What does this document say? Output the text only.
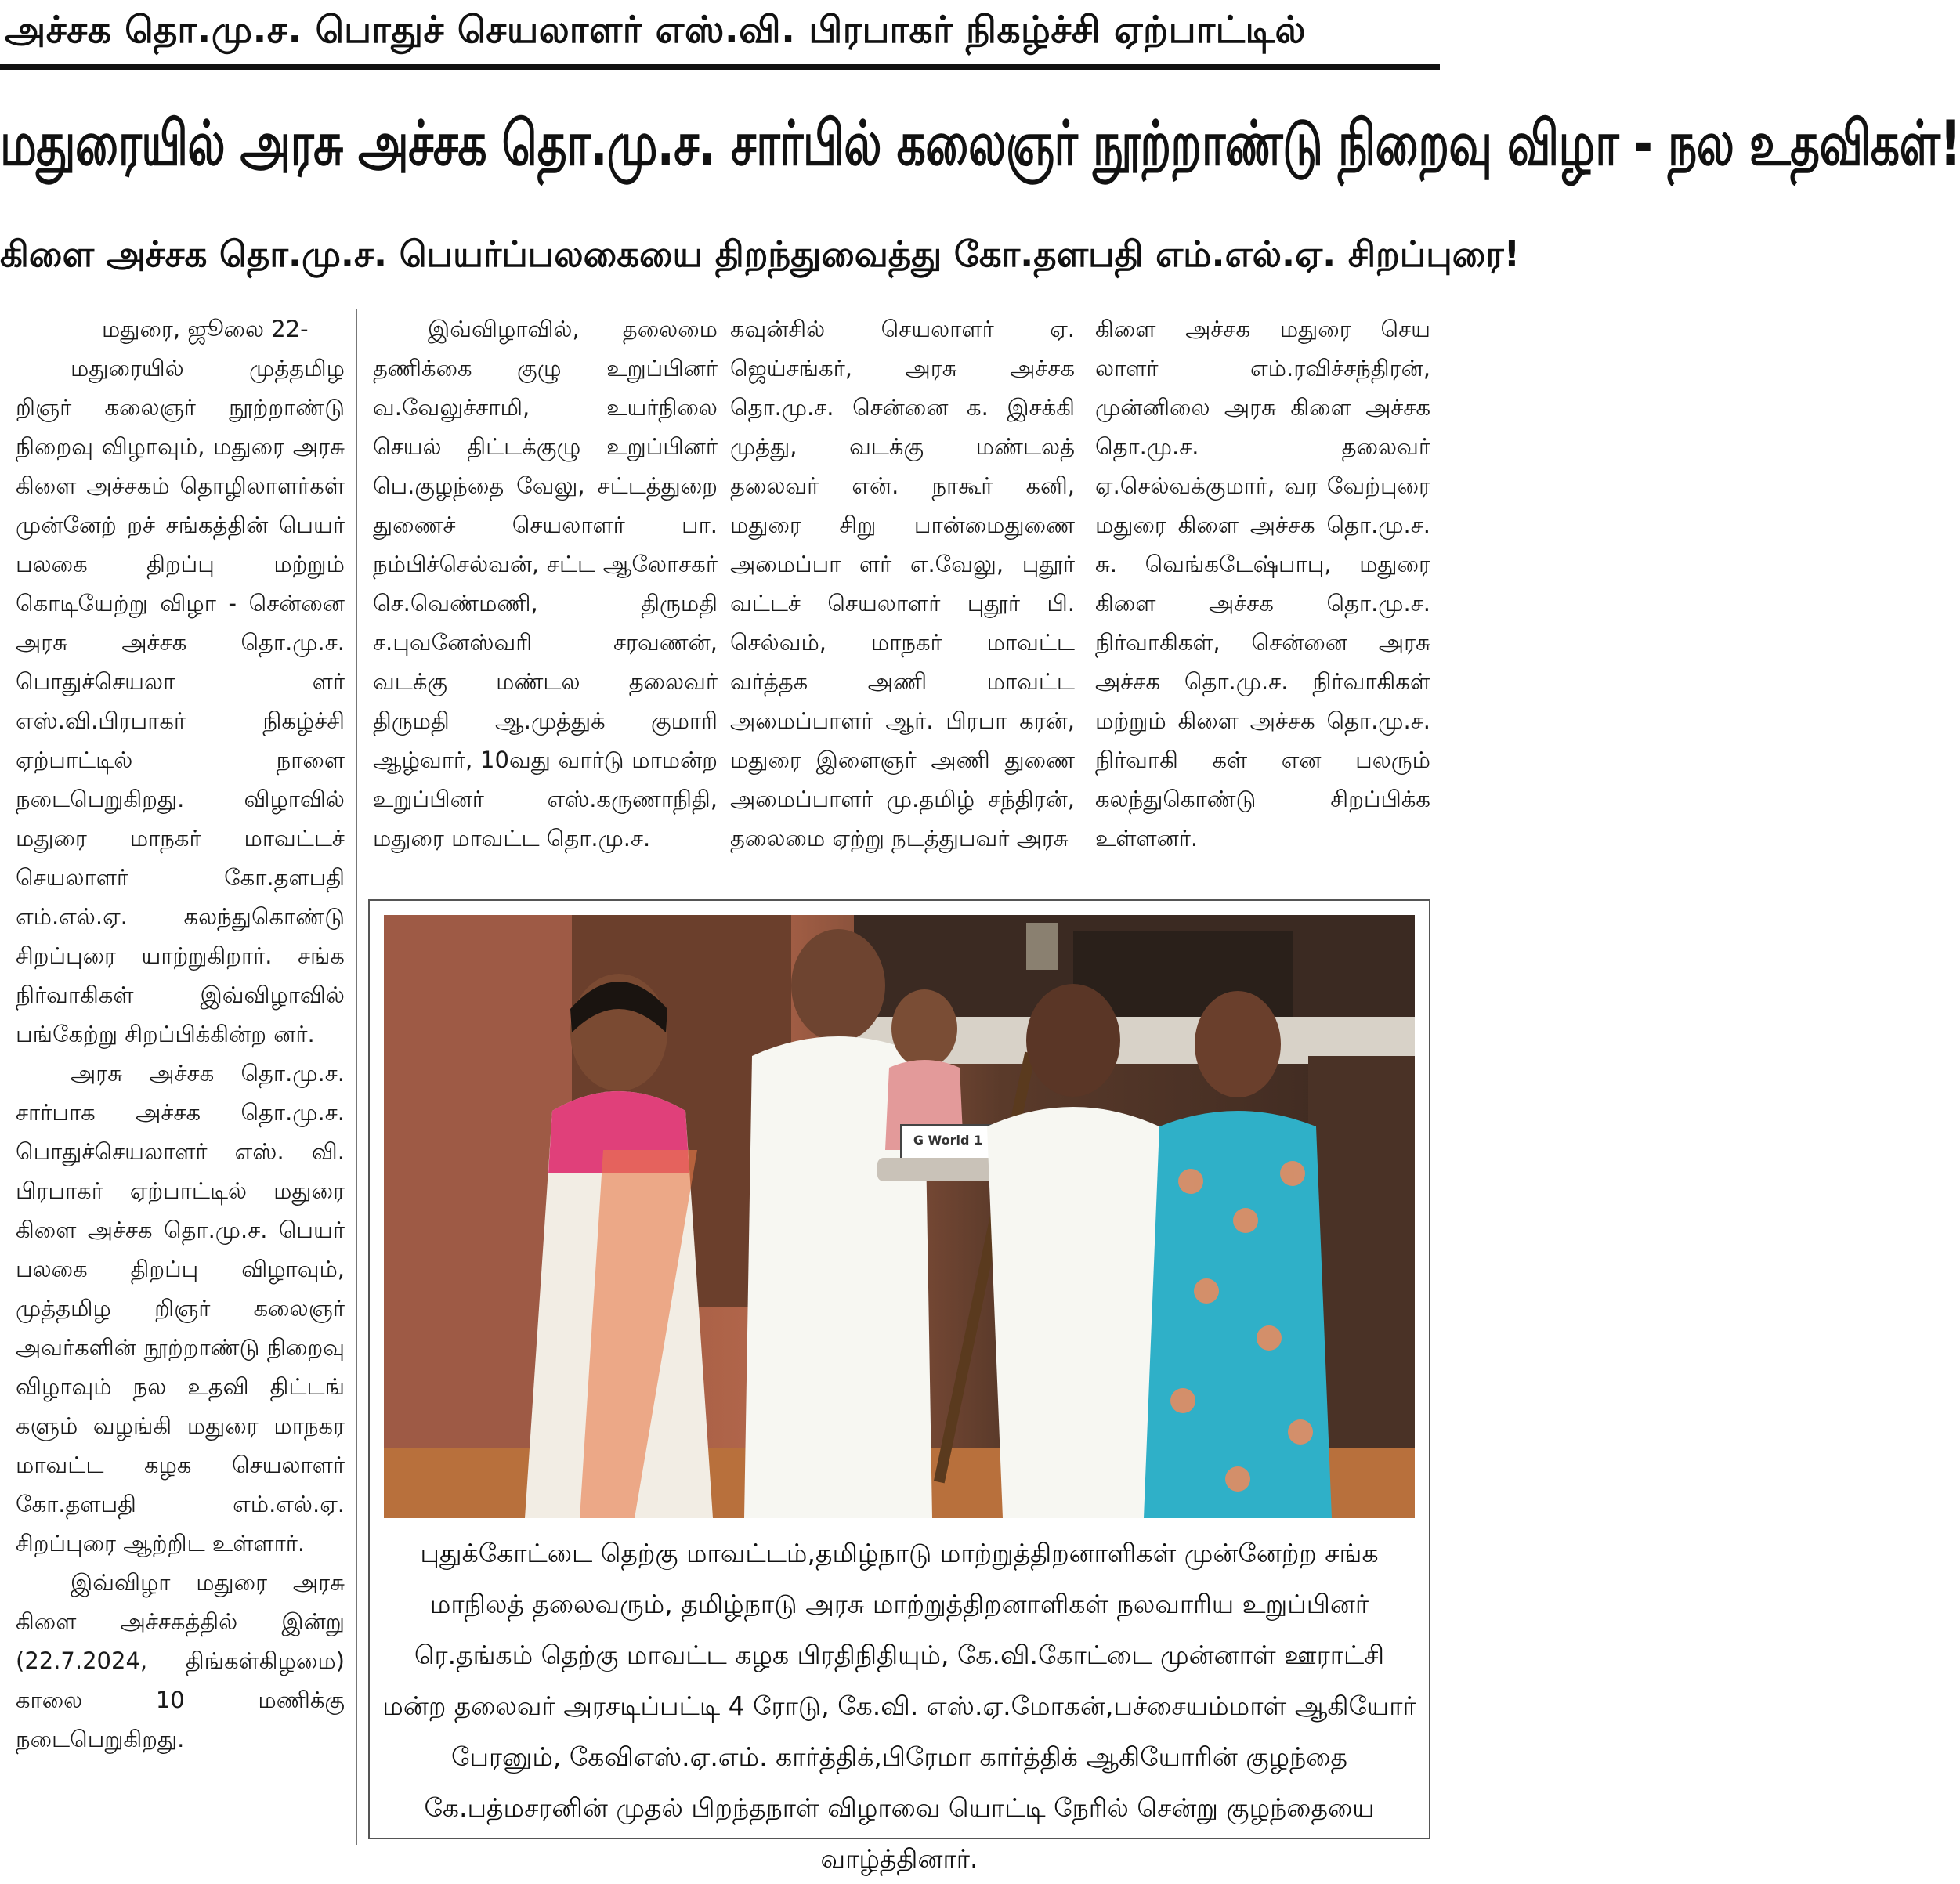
அச்சக தொ.மு.ச. பொதுச் செயலாளர் எஸ்.வி. பிரபாகர் நிகழ்ச்சி ஏற்பாட்டில்
மதுரையில் அரசு அச்சக தொ.மு.ச. சார்பில் கலைஞர் நூற்றாண்டு நிறைவு விழா - நல உதவிகள்!
கிளை அச்சக தொ.மு.ச. பெயர்ப்பலகையை திறந்துவைத்து கோ.தளபதி எம்.எல்.ஏ. சிறப்புரை!

மதுரை, ஜூலை 22-

மதுரையில் முத்தமிழ றிஞர் கலைஞர் நூற்றாண்டு நிறைவு விழாவும், மதுரை அரசு கிளை அச்சகம் தொழிலாளர்கள் முன்னேற் றச் சங்கத்தின் பெயர் பலகை திறப்பு மற்றும் கொடியேற்று விழா - சென்னை அரசு அச்சக தொ.மு.ச. பொதுச்செயலா ளர் எஸ்.வி.பிரபாகர் நிகழ்ச்சி ஏற்பாட்டில் நாளை நடைபெறுகிறது. விழாவில் மதுரை மாநகர் மாவட்டச் செயலாளர் கோ.தளபதி எம்.எல்.ஏ. கலந்துகொண்டு சிறப்புரை யாற்றுகிறார். சங்க நிர்வாகிகள் இவ்விழாவில் பங்கேற்று சிறப்பிக்கின்ற னர்.

அரசு அச்சக தொ.மு.ச. சார்பாக அச்சக தொ.மு.ச. பொதுச்செயலாளர் எஸ். வி. பிரபாகர் ஏற்பாட்டில் மதுரை கிளை அச்சக தொ.மு.ச. பெயர் பலகை திறப்பு விழாவும், முத்தமிழ றிஞர் கலைஞர் அவர்களின் நூற்றாண்டு நிறைவு விழாவும் நல உதவி திட்டங் களும் வழங்கி மதுரை மாநகர மாவட்ட கழக செயலாளர் கோ.தளபதி எம்.எல்.ஏ. சிறப்புரை ஆற்றிட உள்ளார்.

இவ்விழா மதுரை அரசு கிளை அச்சகத்தில் இன்று (22.7.2024, திங்கள்கிழமை) காலை 10 மணிக்கு நடைபெறுகிறது.

இவ்விழாவில், தலைமை தணிக்கை குழு உறுப்பினர் வ.வேலுச்சாமி, உயர்நிலை செயல் திட்டக்குழு உறுப்பினர் பெ.குழந்தை வேலு, சட்டத்துறை துணைச் செயலாளர் பா. நம்பிச்செல்வன், சட்ட ஆலோசகர் செ.வெண்மணி, திருமதி ச.புவனேஸ்வரி சரவணன், வடக்கு மண்டல தலைவர் திருமதி ஆ.முத்துக் குமாரி ஆழ்வார், 10வது வார்டு மாமன்ற உறுப்பினர் எஸ்.கருணாநிதி, மதுரை மாவட்ட தொ.மு.ச.

கவுன்சில் செயலாளர் ஏ. ஜெய்சங்கர், அரசு அச்சக தொ.மு.ச. சென்னை க. இசக்கி முத்து, வடக்கு மண்டலத் தலைவர் என். நாகூர் கனி, மதுரை சிறு பான்மைதுணை அமைப்பா ளர் எ.வேலு, புதூர் வட்டச் செயலாளர் புதூர் பி. செல்வம், மாநகர் மாவட்ட வர்த்தக அணி மாவட்ட அமைப்பாளர் ஆர். பிரபா கரன், மதுரை இளைஞர் அணி துணை அமைப்பாளர் மு.தமிழ் சந்திரன், தலைமை ஏற்று நடத்துபவர் அரசு

கிளை அச்சக மதுரை செய லாளர் எம்.ரவிச்சந்திரன், முன்னிலை அரசு கிளை அச்சக தொ.மு.ச. தலைவர் ஏ.செல்வக்குமார், வர வேற்புரை மதுரை கிளை அச்சக தொ.மு.ச. சு. வெங்கடேஷ்பாபு, மதுரை கிளை அச்சக தொ.மு.ச. நிர்வாகிகள், சென்னை அரசு அச்சக தொ.மு.ச. நிர்வாகிகள் மற்றும் கிளை அச்சக தொ.மு.ச. நிர்வாகி கள் என பலரும் கலந்துகொண்டு சிறப்பிக்க உள்ளனர்.

G World 1
புதுக்கோட்டை தெற்கு மாவட்டம்,தமிழ்நாடு மாற்றுத்திறனாளிகள் முன்னேற்ற சங்க மாநிலத் தலைவரும், தமிழ்நாடு அரசு மாற்றுத்திறனாளிகள் நலவாரிய உறுப்பினர் ரெ.தங்கம் தெற்கு மாவட்ட கழக பிரதிநிதியும், கே.வி.கோட்டை முன்னாள் ஊராட்சி மன்ற தலைவர் அரசடிப்பட்டி 4 ரோடு, கே.வி. எஸ்.ஏ.மோகன்,பச்சையம்மாள் ஆகியோர் பேரனும், கேவிஎஸ்.ஏ.எம். கார்த்திக்,பிரேமா கார்த்திக் ஆகியோரின் குழந்தை கே.பத்மசரனின் முதல் பிறந்தநாள் விழாவை யொட்டி நேரில் சென்று குழந்தையை வாழ்த்தினார்.
